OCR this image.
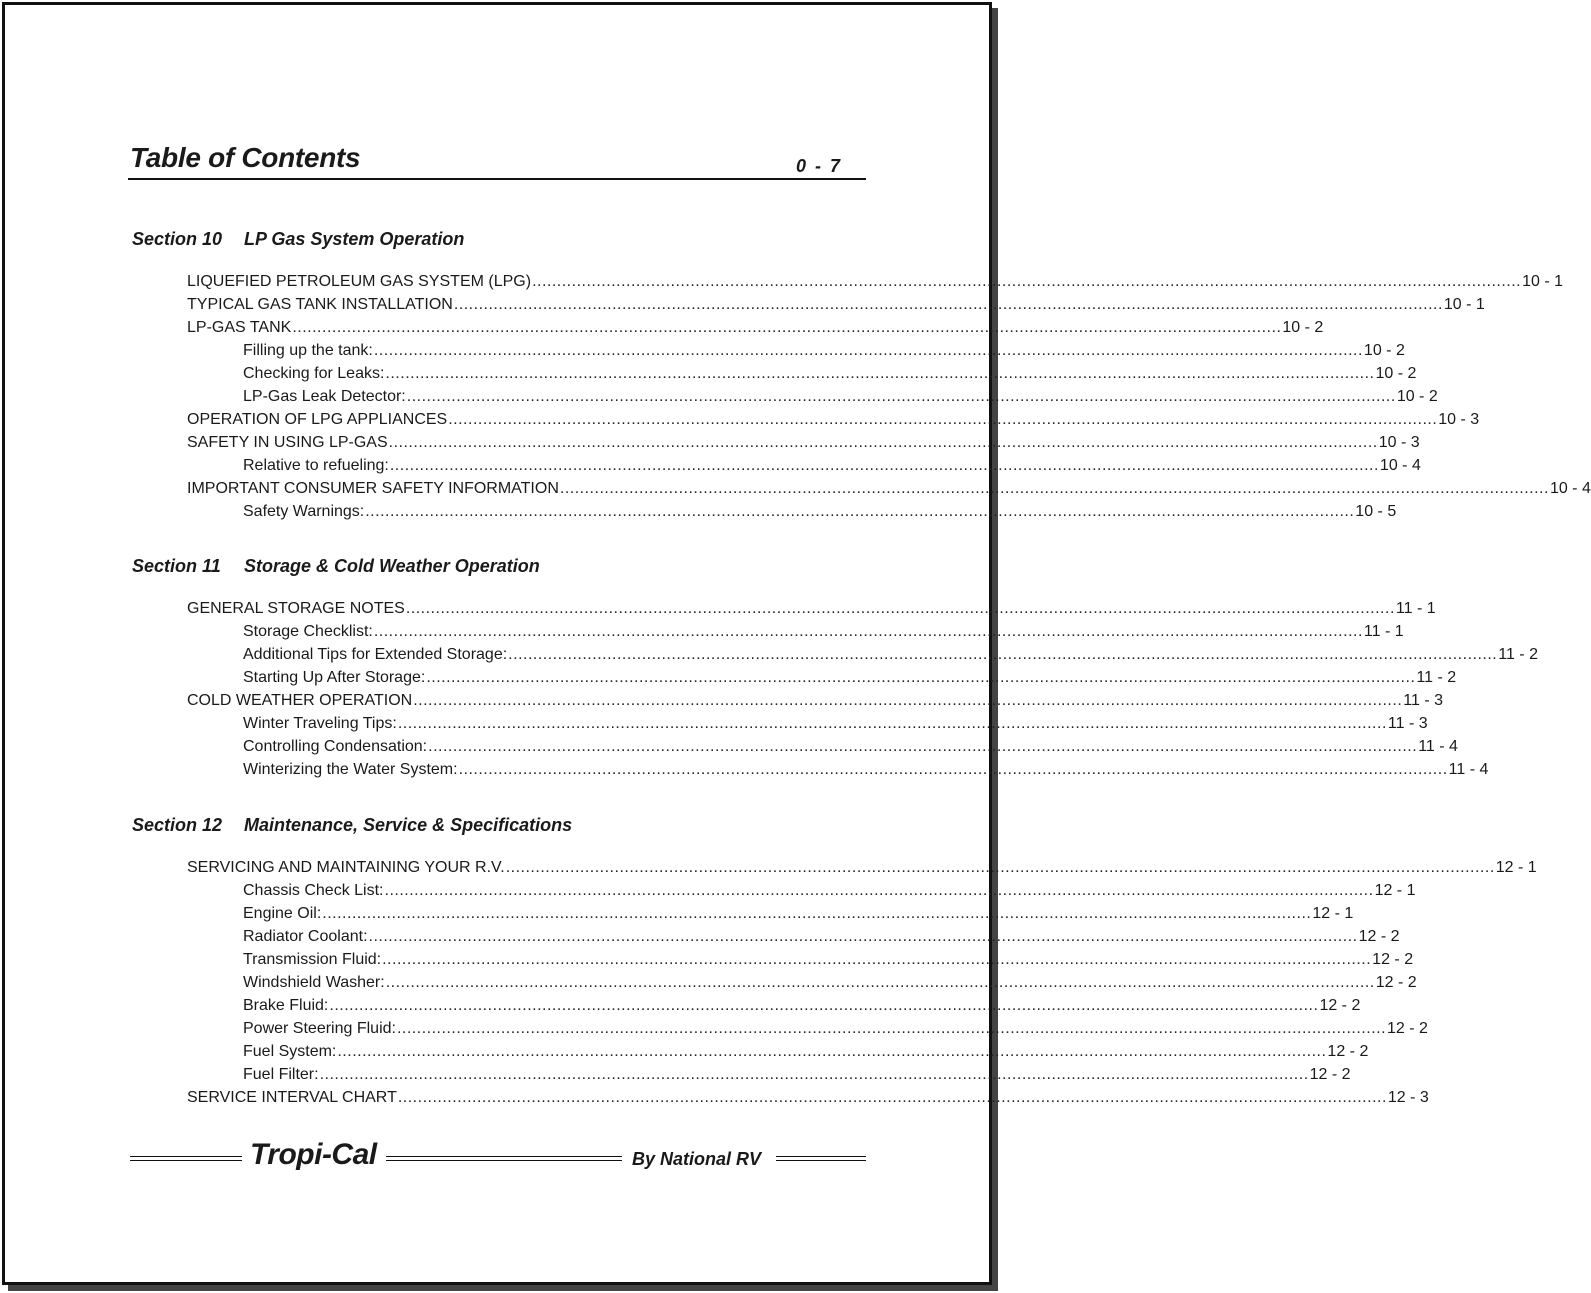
Table of Contents	0 - 7
Section 10 LP Gas System Operation
LIQUEFIED PETROLEUM GAS SYSTEM (LPG) ........................................................................................................................................................................................................ 10 - 1
TYPICAL GAS TANK INSTALLATION ........................................................................................................................................................................................................ 10 - 1
LP-GAS TANK ........................................................................................................................................................................................................ 10 - 2
Filling up the tank: ........................................................................................................................................................................................................ 10 - 2
Checking for Leaks: ........................................................................................................................................................................................................ 10 - 2
LP-Gas Leak Detector: ........................................................................................................................................................................................................ 10 - 2
OPERATION OF LPG APPLIANCES ........................................................................................................................................................................................................ 10 - 3
SAFETY IN USING LP-GAS ........................................................................................................................................................................................................ 10 - 3
Relative to refueling: ........................................................................................................................................................................................................ 10 - 4
IMPORTANT CONSUMER SAFETY INFORMATION ........................................................................................................................................................................................................ 10 - 4
Safety Warnings: ........................................................................................................................................................................................................ 10 - 5
Section 11 Storage & Cold Weather Operation
GENERAL STORAGE NOTES ........................................................................................................................................................................................................ 11 - 1
Storage Checklist: ........................................................................................................................................................................................................ 11 - 1
Additional Tips for Extended Storage: ........................................................................................................................................................................................................ 11 - 2
Starting Up After Storage: ........................................................................................................................................................................................................ 11 - 2
COLD WEATHER OPERATION ........................................................................................................................................................................................................ 11 - 3
Winter Traveling Tips: ........................................................................................................................................................................................................ 11 - 3
Controlling Condensation: ........................................................................................................................................................................................................ 11 - 4
Winterizing the Water System: ........................................................................................................................................................................................................ 11 - 4
Section 12 Maintenance, Service & Specifications
SERVICING AND MAINTAINING YOUR R.V. ........................................................................................................................................................................................................ 12 - 1
Chassis Check List: ........................................................................................................................................................................................................ 12 - 1
Engine Oil: ........................................................................................................................................................................................................ 12 - 1
Radiator Coolant: ........................................................................................................................................................................................................ 12 - 2
Transmission Fluid: ........................................................................................................................................................................................................ 12 - 2
Windshield Washer: ........................................................................................................................................................................................................ 12 - 2
Brake Fluid: ........................................................................................................................................................................................................ 12 - 2
Power Steering Fluid: ........................................................................................................................................................................................................ 12 - 2
Fuel System: ........................................................................................................................................................................................................ 12 - 2
Fuel Filter: ........................................................................................................................................................................................................ 12 - 2
SERVICE INTERVAL CHART ........................................................................................................................................................................................................ 12 - 3
Tropi-Cal	By National RV
